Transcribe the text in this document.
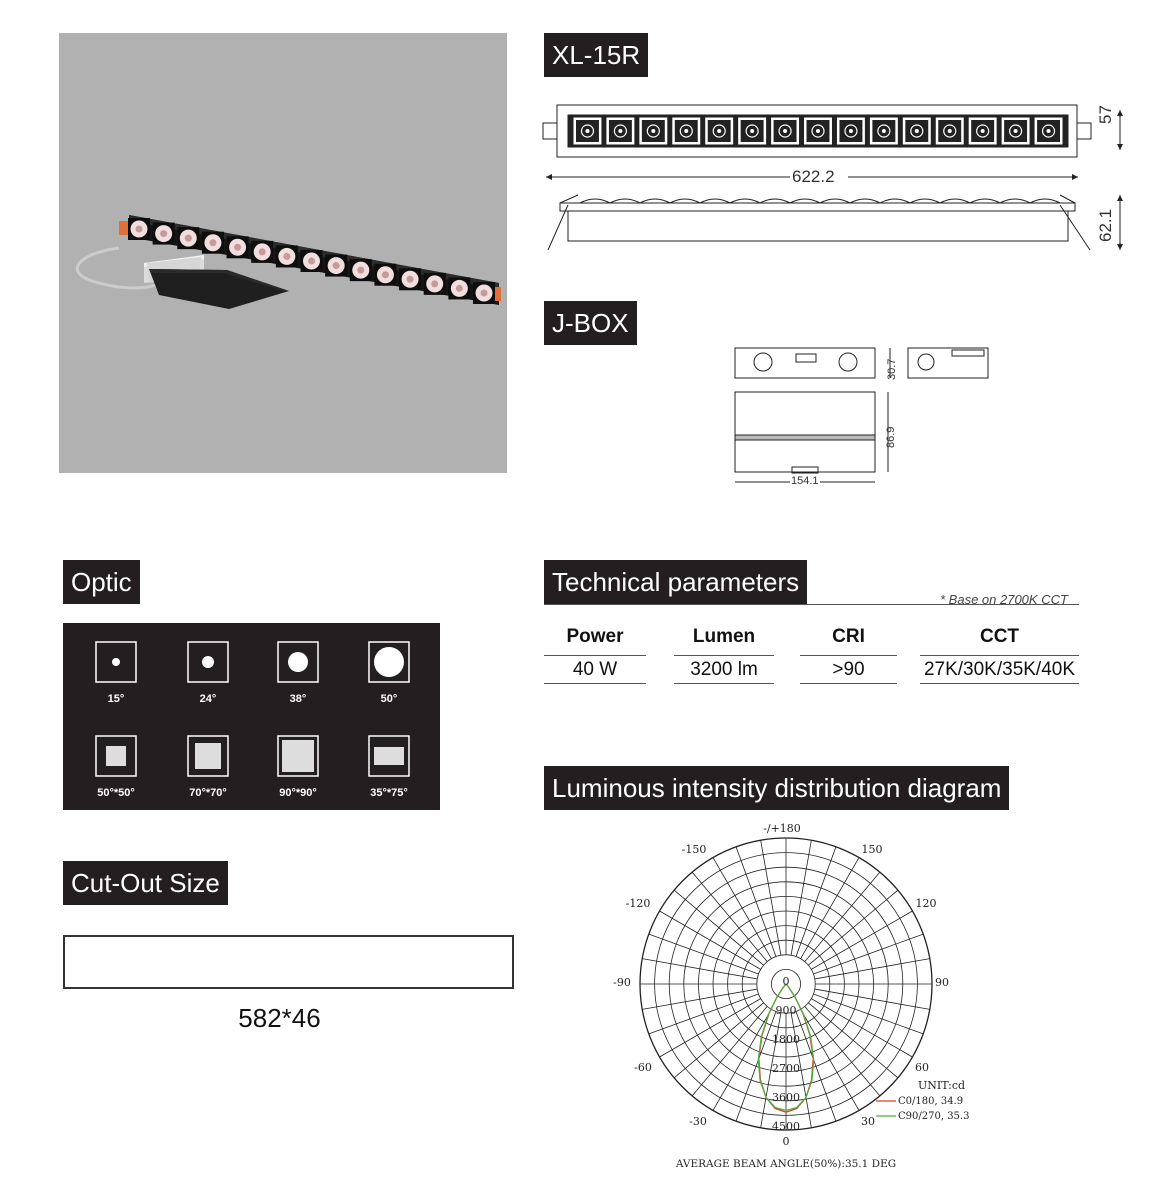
XL-15R
622.2
57
62.1
J-BOX
30.7
86.9
154.1
Optic
15°	24°	38°	50°
50°*50°	70°*70°	90°*90°	35°*75°
Cut-Out Size
582*46
Technical parameters
* Base on 2700K CCT
Power	Lumen	CRI	CCT
40 W	3200 lm	>90	27K/30K/35K/40K
Luminous intensity distribution diagram
-/+180
-150	150
-120	120
-90	90
-60	60
-30	30
0
0
900
1800
2700
3600
4500
UNIT:cd
C0/180, 34.9
C90/270, 35.3
AVERAGE BEAM ANGLE(50%):35.1 DEG
